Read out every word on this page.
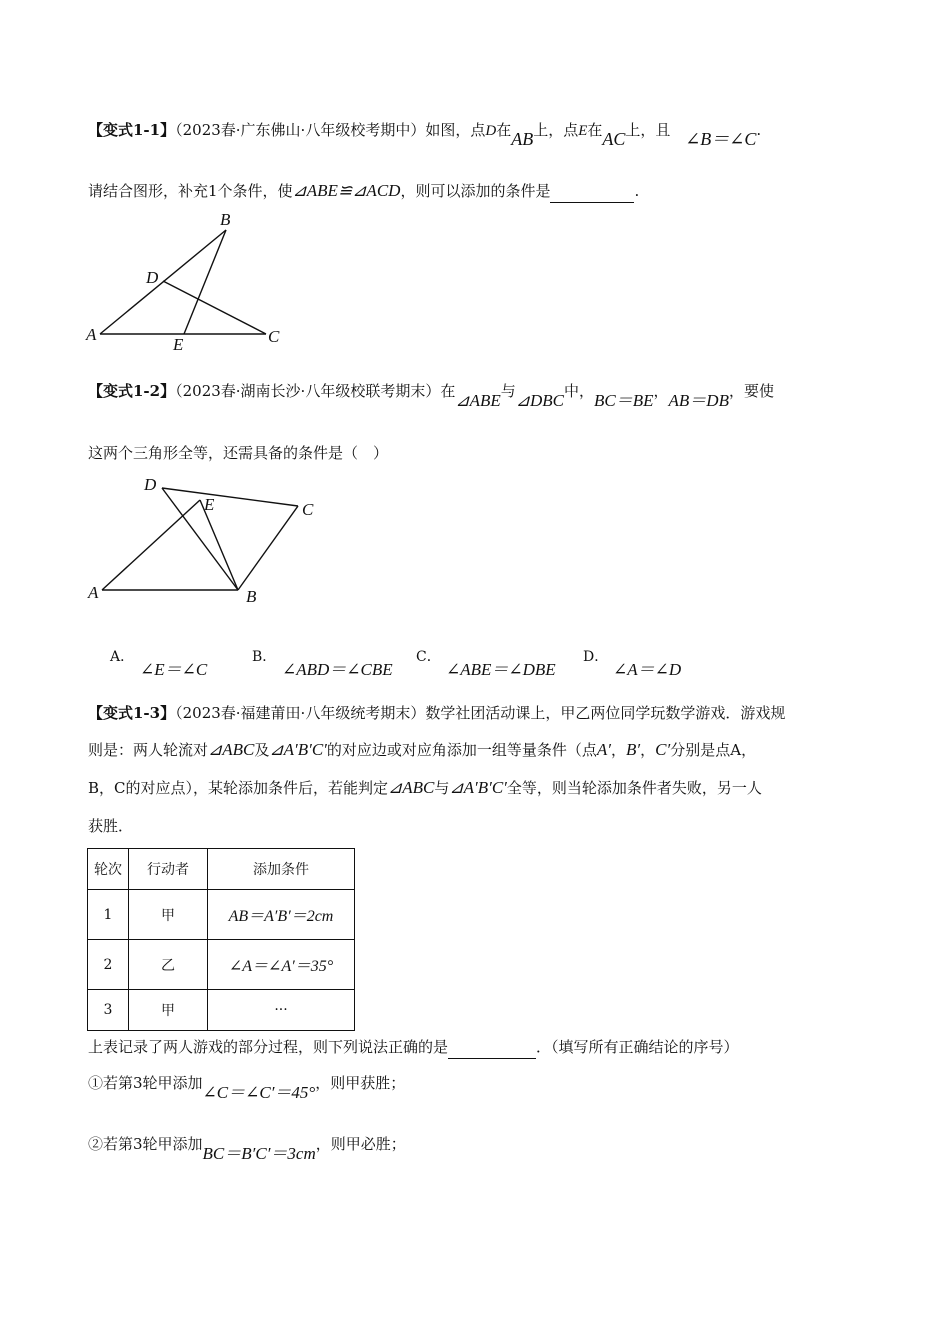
【变式1-1】（2023春·广东佛山·八年级校考期中）如图，点D在AB上，点E在AC上，且 ∠B＝∠C.
请结合图形，补充1个条件，使⊿ABE≌⊿ACD，则可以添加的条件是	.
B
D
A
E	C
【变式1-2】（2023春·湖南长沙·八年级校联考期末）在⊿ABE与⊿DBC中，BC＝BE，AB＝DB，要使
这两个三角形全等，还需具备的条件是（　）
D
E	C
A	B
A．
∠E＝∠C
B．
∠ABD＝∠CBE
C．
∠ABE＝∠DBE
D．
∠A＝∠D
【变式1-3】（2023春·福建莆田·八年级统考期末）数学社团活动课上，甲乙两位同学玩数学游戏．游戏规
则是：两人轮流对⊿ABC及⊿A′B′C′的对应边或对应角添加一组等量条件（点A′，B′，C′分别是点A，
B，C的对应点），某轮添加条件后，若能判定⊿ABC与⊿A′B′C′全等，则当轮添加条件者失败，另一人
获胜．
轮次	行动者	添加条件
1	甲	AB＝A′B′＝2cm
2	乙	∠A＝∠A′＝35°
3	甲	···
上表记录了两人游戏的部分过程，则下列说法正确的是	．（填写所有正确结论的序号）
①若第3轮甲添加∠C＝∠C′＝45°，则甲获胜；
②若第3轮甲添加BC＝B′C′＝3cm，则甲必胜；
